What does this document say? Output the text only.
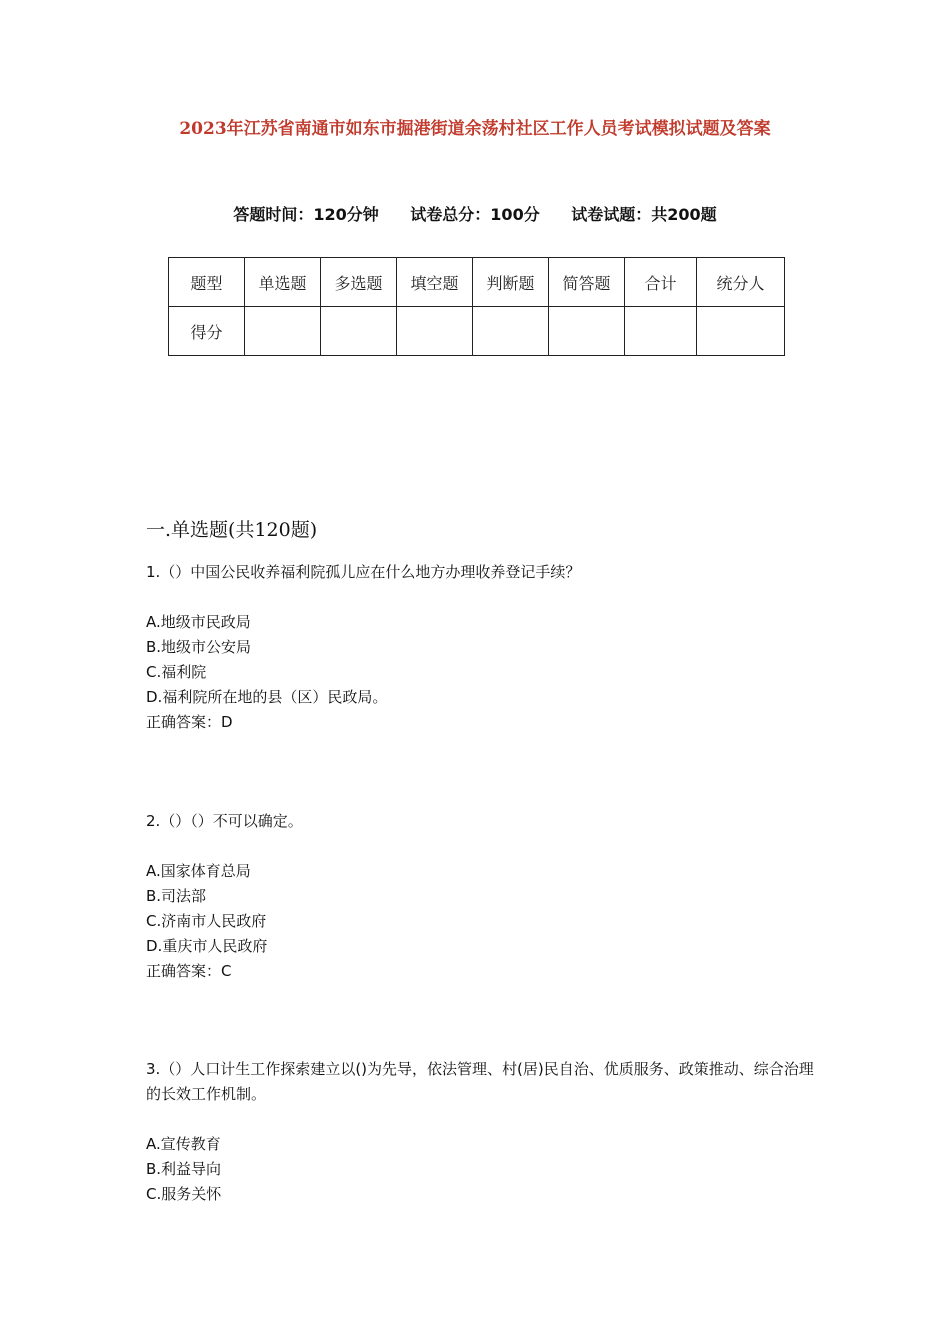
2023年江苏省南通市如东市掘港街道余荡村社区工作人员考试模拟试题及答案
答题时间：120分钟 试卷总分：100分 试卷试题：共200题
题型	单选题	多选题	填空题	判断题	简答题	合计	统分人
得分							
一.单选题(共120题)
1.（）中国公民收养福利院孤儿应在什么地方办理收养登记手续？
A.地级市民政局
B.地级市公安局
C.福利院
D.福利院所在地的县（区）民政局。
正确答案：D
2.（）（）不可以确定。
A.国家体育总局
B.司法部
C.济南市人民政府
D.重庆市人民政府
正确答案：C
3.（）人口计生工作探索建立以()为先导，依法管理、村(居)民自治、优质服务、政策推动、综合治理的长效工作机制。
A.宣传教育
B.利益导向
C.服务关怀
